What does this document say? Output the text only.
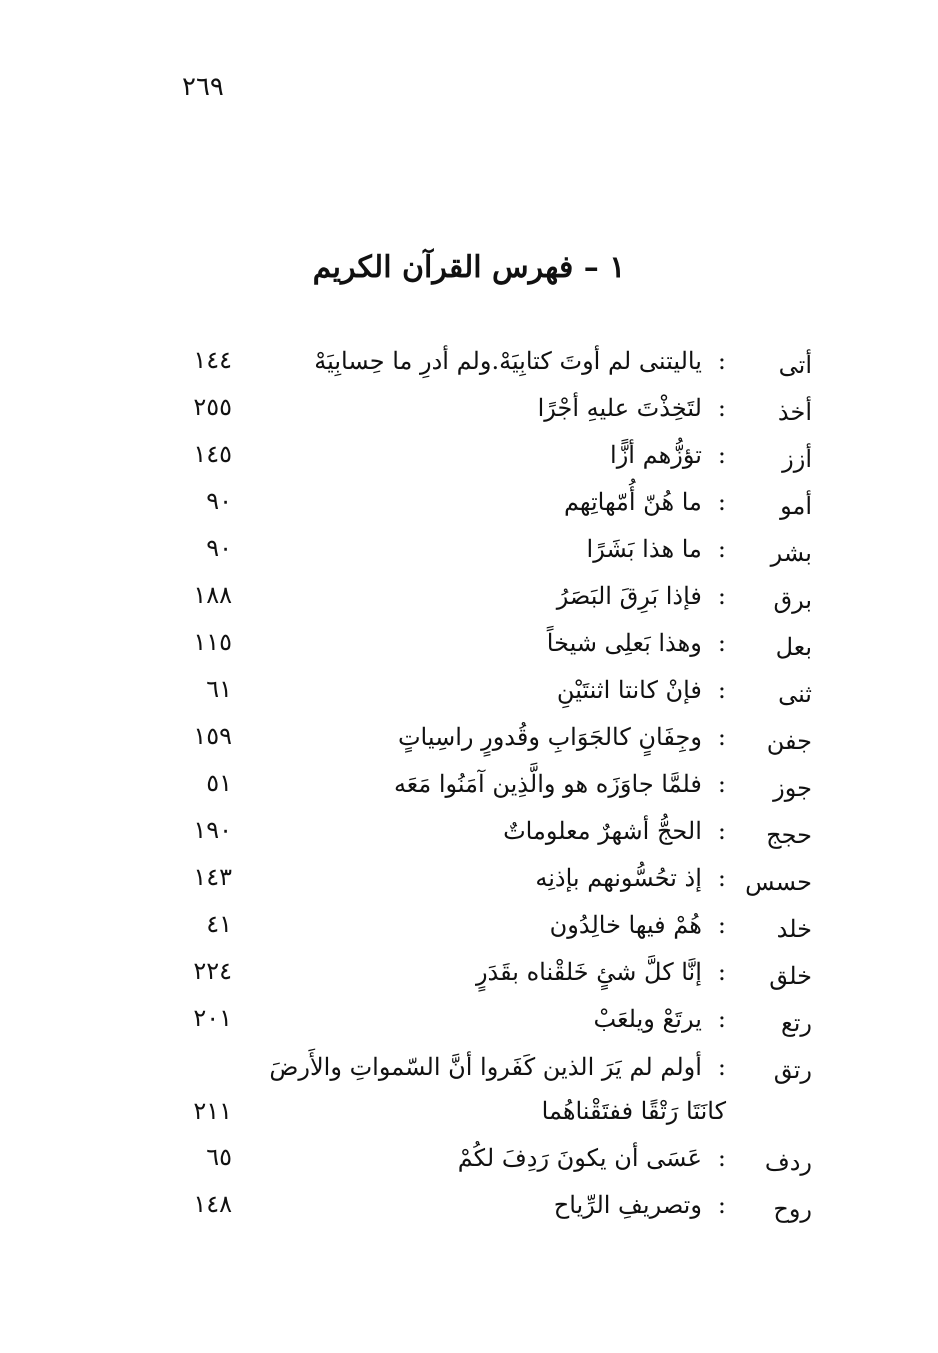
٢٦٩
١ – فهرس القرآن الكريم
أتى
:ياليتنى لم أوتَ كتابِيَهْ.ولم أدرِ ما حِسابِيَهْ
١٤٤
أخذ
:لتَخِذْتَ عليهِ أجْرًا
٢٥٥
أزز
:تؤزُّهم أزًّا
١٤٥
أمو
:ما هُنّ أُمّهاتِهم
٩٠
بشر
:ما هذا بَشَرًا
٩٠
برق
:فإذا بَرِقَ البَصَرُ
١٨٨
بعل
:وهذا بَعلِى شيخاً
١١٥
ثنى
:فإنْ كانتا اثنتَيْنِ
٦١
جفن
:وجِفَانٍ كالجَوَابِ وقُدورٍ راسِياتٍ
١٥٩
جوز
:فلمَّا جاوَزَه هو والَّذِين آمَنُوا مَعَه
٥١
حجج
:الحجُّ أشهرٌ معلوماتٌ
١٩٠
حسس
:إذ تحُسُّونهم بإذنِه
١٤٣
خلد
:هُمْ فيها خالِدُون
٤١
خلق
:إنَّا كلَّ شئٍ خَلقْناه بقَدَرٍ
٢٢٤
رتع
:يرتَعْ ويلعَبْ
٢٠١
رتق
:أولم لم يَرَ الذين كَفَروا أنَّ السّمواتِ والأَرضَ كانَتَا رَتْقًا ففتَقْناهُما
٢١١
ردف
:عَسَى أن يكونَ رَدِفَ لكُمْ
٦٥
روح
:وتصريفِ الرِّياح
١٤٨
